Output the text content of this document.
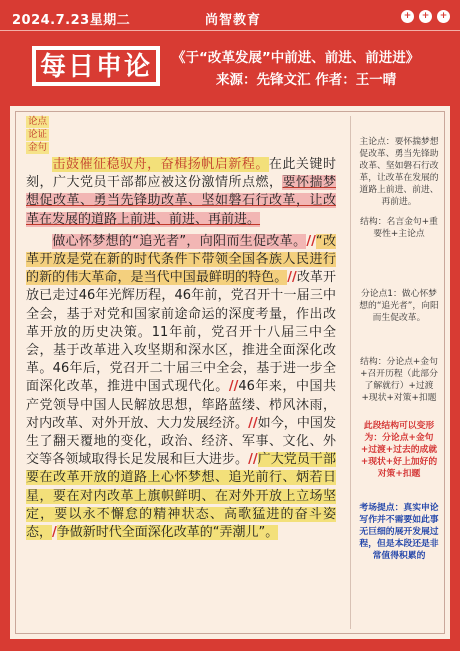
2024.7.23星期二	尚智教育	+	+	+
每日申论 《于“改革发展”中前进、前进、前进进》
来源：先锋文汇 作者：王一晴
论点
论证
金句

击鼓催征稳驭舟，奋楫扬帆启新程。在此关键时刻，广大党员干部都应被这份激情所点燃，要怀揣梦想促改革、勇当先锋助改革、坚如磐石行改革，让改革在发展的道路上前进、前进、再前进。

做心怀梦想的“追光者”，向阳而生促改革。//“改革开放是党在新的时代条件下带领全国各族人民进行的新的伟大革命，是当代中国最鲜明的特色。//改革开放已走过46年光辉历程，46年前，党召开十一届三中全会，基于对党和国家前途命运的深度考量，作出改革开放的历史决策。11年前，党召开十八届三中全会，基于改革进入攻坚期和深水区，推进全面深化改革。46年后，党召开二十届三中全会，基于进一步全面深化改革，推进中国式现代化。//46年来，中国共产党领导中国人民解放思想，筚路蓝缕、栉风沐雨，对内改革、对外开放、大力发展经济。//如今，中国发生了翻天覆地的变化，政治、经济、军事、文化、外交等各领域取得长足发展和巨大进步。//广大党员干部要在改革开放的道路上心怀梦想、追光前行、炳若日星，要在对内改革上旗帜鲜明、在对外开放上立场坚定，要以永不懈怠的精神状态、高歌猛进的奋斗姿态，/争做新时代全面深化改革的“弄潮儿”。

主论点：要怀揣梦想促改革、勇当先锋助改革、坚如磐石行改革，让改革在发展的道路上前进、前进、再前进。
结构：名言金句+重要性+主论点
分论点1：做心怀梦想的“追光者”，向阳而生促改革。
结构：分论点+金句+召开历程（此部分了解就行）+过渡+现状+对策+扣题
此段结构可以变形为：分论点+金句+过渡+过去的成就+现状+好上加好的对策+扣题
考场提点：真实申论写作并不需要如此事无巨细的展开发展过程，但是本段还是非常值得积累的
